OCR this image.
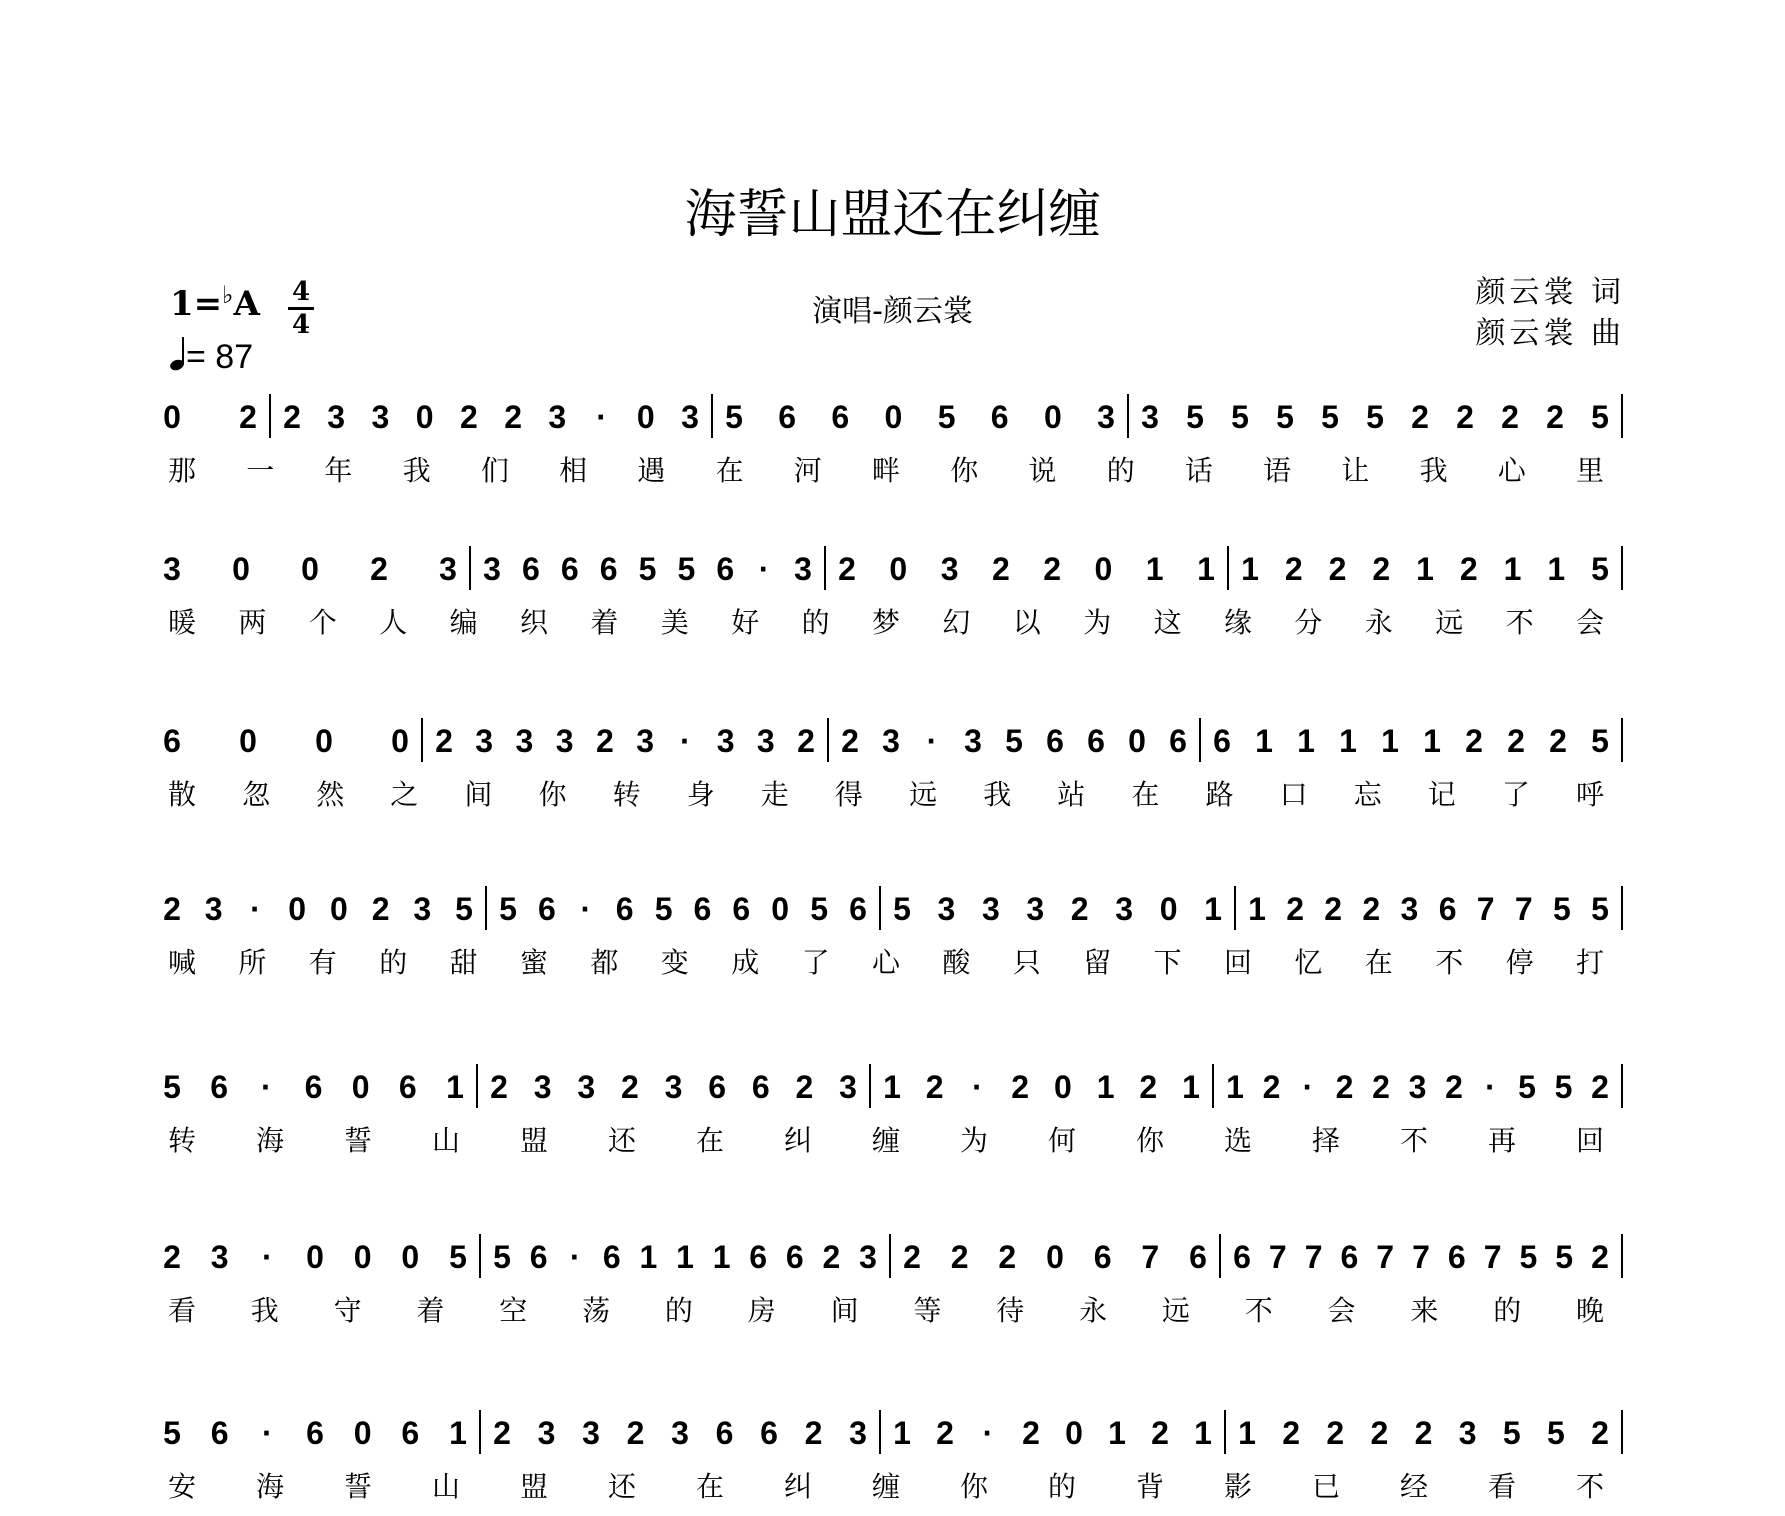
海誓山盟还在纠缠
演唱-颜云裳
颜云裳 词
颜云裳 曲
1=♭A 4
4
= 87
0 2 2 3 3 0 2 2 3 · 0 3 5 6 6 0 5 6 0 3 3 5 5 5 5 5 2 2 2 2 5
那 一 年 我 们 相 遇 在 河 畔 你 说 的 话 语 让 我 心 里
3 0 0 2 3 3 6 6 6 5 5 6 · 3 2 0 3 2 2 0 1 1 1 2 2 2 1 2 1 1 5
暖 两 个 人 编 织 着 美 好 的 梦 幻 以 为 这 缘 分 永 远 不 会
6 0 0 0 2 3 3 3 2 3 · 3 3 2 2 3 · 3 5 6 6 0 6 6 1 1 1 1 1 2 2 2 5
散 忽 然 之 间 你 转 身 走 得 远 我 站 在 路 口 忘 记 了 呼
2 3 · 0 0 2 3 5 5 6 · 6 5 6 6 0 5 6 5 3 3 3 2 3 0 1 1 2 2 2 3 6 7 7 5 5
喊 所 有 的 甜 蜜 都 变 成 了 心 酸 只 留 下 回 忆 在 不 停 打
5 6 · 6 0 6 1 2 3 3 2 3 6 6 2 3 1 2 · 2 0 1 2 1 1 2 · 2 2 3 2 · 5 5 2
转 海 誓 山 盟 还 在 纠 缠 为 何 你 选 择 不 再 回
2 3 · 0 0 0 5 5 6 · 6 1 1 1 6 6 2 3 2 2 2 0 6 7 6 6 7 7 6 7 7 6 7 5 5 2
看 我 守 着 空 荡 的 房 间 等 待 永 远 不 会 来 的 晚
5 6 · 6 0 6 1 2 3 3 2 3 6 6 2 3 1 2 · 2 0 1 2 1 1 2 2 2 2 3 5 5 2
安 海 誓 山 盟 还 在 纠 缠 你 的 背 影 已 经 看 不
